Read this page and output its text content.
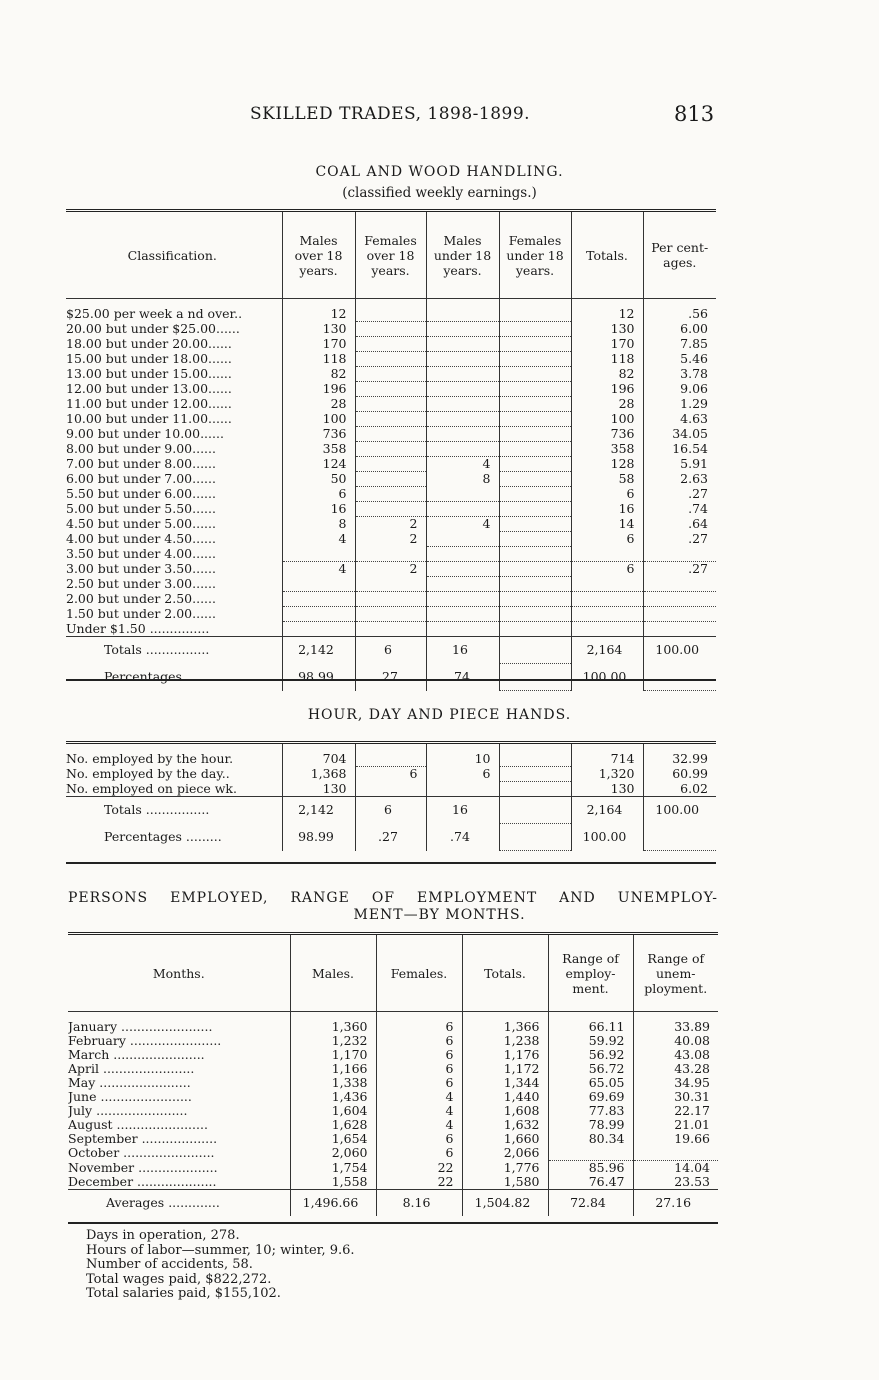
SKILLED TRADES, 1898-1899.	813
COAL AND WOOD HANDLING.
(classified weekly earnings.)
Classification.	Males over 18 years.	Females over 18 years.	Males under 18 years.	Females under 18 years.	Totals.	Per cent-ages.

$25.00 per week a nd over..	12				12	.56
20.00 but under $25.00......	130				130	6.00
18.00 but under 20.00......	170				170	7.85
15.00 but under 18.00......	118				118	5.46
13.00 but under 15.00......	82				82	3.78
12.00 but under 13.00......	196				196	9.06
11.00 but under 12.00......	28				28	1.29
10.00 but under 11.00......	100				100	4.63
9.00 but under 10.00......	736				736	34.05
8.00 but under 9.00......	358				358	16.54
7.00 but under 8.00......	124		4		128	5.91
6.00 but under 7.00......	50		8		58	2.63
5.50 but under 6.00......	6				6	.27
5.00 but under 5.50......	16				16	.74
4.50 but under 5.00......	8	2	4		14	.64
4.00 but under 4.50......	4	2			6	.27
3.50 but under 4.00......						
3.00 but under 3.50......	4	2			6	.27
2.50 but under 3.00......						
2.00 but under 2.50......						
1.50 but under 2.00......						
Under $1.50 ...............						
Totals ................	2,142	6	16		2,164	100.00
Percentages .........	98.99	.27	.74		100.00	
HOUR, DAY AND PIECE HANDS.

No. employed by the hour.	704		10		714	32.99
No. employed by the day..	1,368	6	6		1,320	60.99
No. employed on piece wk.	130				130	6.02
Totals ................	2,142	6	16		2,164	100.00
Percentages .........	98.99	.27	.74		100.00	
PERSONS EMPLOYED, RANGE OF EMPLOYMENT AND UNEMPLOY-
MENT—BY MONTHS.
Months.	Males.	Females.	Totals.	Range of employ-ment.	Range of unem-ployment.

January .......................	1,360	6	1,366	66.11	33.89
February .......................	1,232	6	1,238	59.92	40.08
March .......................	1,170	6	1,176	56.92	43.08
April .......................	1,166	6	1,172	56.72	43.28
May .......................	1,338	6	1,344	65.05	34.95
June .......................	1,436	4	1,440	69.69	30.31
July .......................	1,604	4	1,608	77.83	22.17
August .......................	1,628	4	1,632	78.99	21.01
September ...................	1,654	6	1,660	80.34	19.66
October .......................	2,060	6	2,066		
November ....................	1,754	22	1,776	85.96	14.04
December ....................	1,558	22	1,580	76.47	23.53
Averages .............	1,496.66	8.16	1,504.82	72.84	27.16
Days in operation, 278.
Hours of labor—summer, 10; winter, 9.6.
Number of accidents, 58.
Total wages paid, $822,272.
Total salaries paid, $155,102.
